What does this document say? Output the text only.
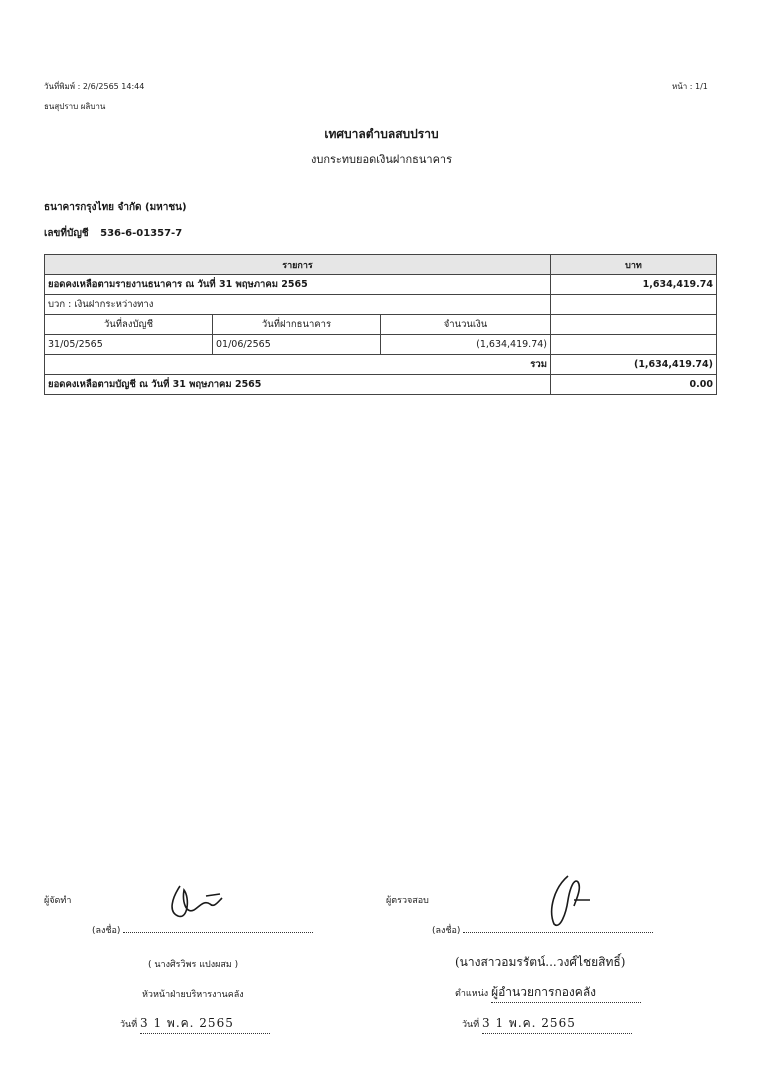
วันที่พิมพ์ : 2/6/2565 14:44
ธนสุปราบ ผลิบาน
หน้า : 1/1
เทศบาลตำบลสบปราบ
งบกระทบยอดเงินฝากธนาคาร
ธนาคารกรุงไทย จำกัด (มหาชน)
เลขที่บัญชี 536-6-01357-7
รายการ			บาท
ยอดคงเหลือตามรายงานธนาคาร ณ วันที่ 31 พฤษภาคม 2565			1,634,419.74
บวก : เงินฝากระหว่างทาง			
วันที่ลงบัญชี	วันที่ฝากธนาคาร	จำนวนเงิน	
31/05/2565	01/06/2565	(1,634,419.74)	
รวม			(1,634,419.74)
ยอดคงเหลือตามบัญชี ณ วันที่ 31 พฤษภาคม 2565			0.00
ผู้จัดทำ
(ลงชื่อ)
( นางศิรวิพร แปงผสม )
หัวหน้าฝ่ายบริหารงานคลัง
วันที่ 3 1 พ.ค. 2565
ผู้ตรวจสอบ
(ลงชื่อ)
(นางสาวอมรรัตน์...วงศ์ไชยสิทธิ์)
ตำแหน่ง ผู้อำนวยการกองคลัง
วันที่ 3 1 พ.ค. 2565
